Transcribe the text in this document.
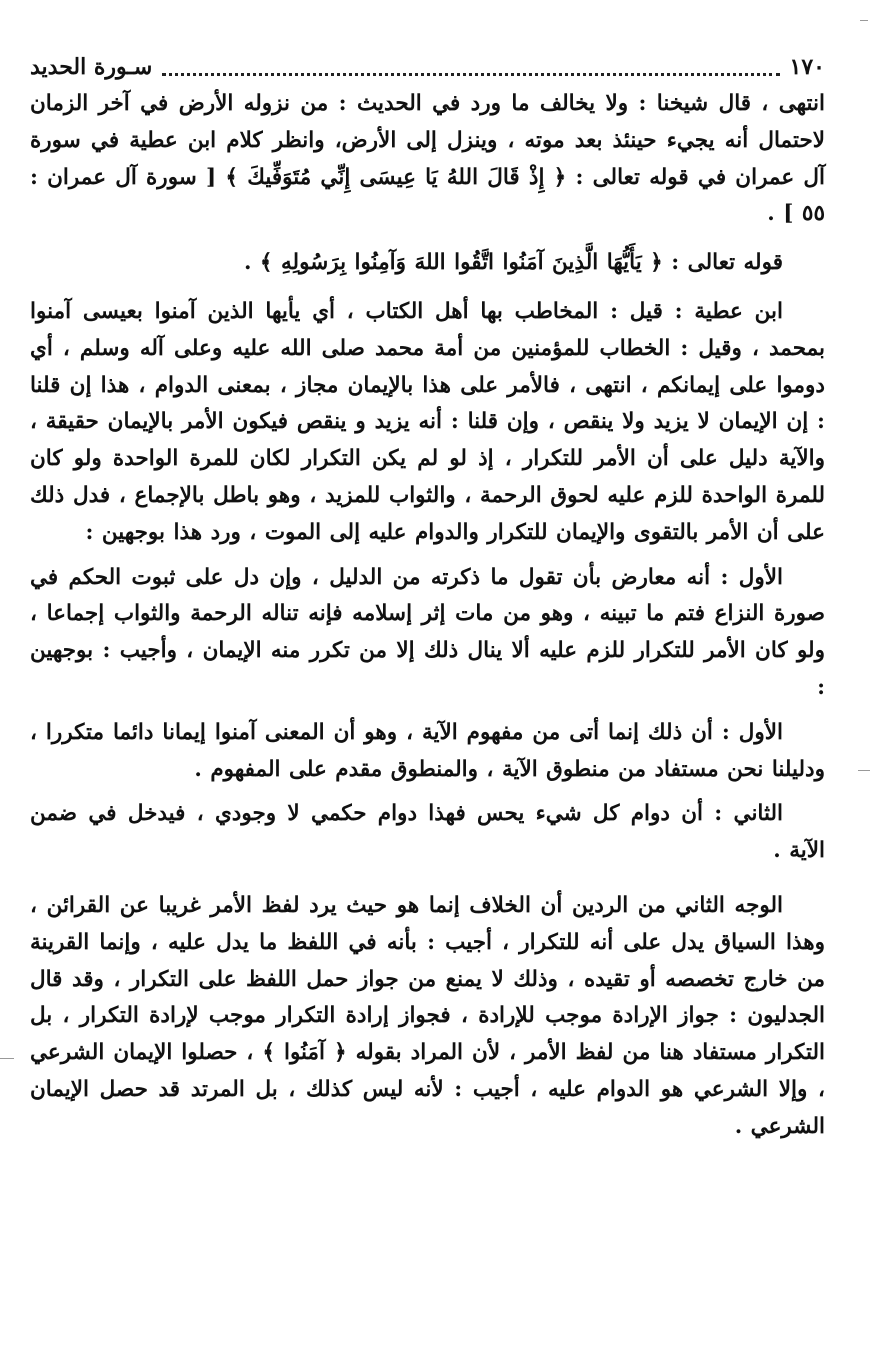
١٧٠
سـورة الحديد

انتهى ، قال شيخنا : ولا يخالف ما ورد في الحديث : من نزوله الأرض في آخر الزمان لاحتمال أنه يجيء حينئذ بعد موته ، وينزل إلى الأرض، وانظر كلام ابن عطية في سورة آل عمران في قوله تعالى : ﴿ إِذْ قَالَ اللهُ يَا عِيسَى إِنِّي مُتَوَفِّيكَ ﴾ [ سورة آل عمران : ٥٥ ] .

قوله تعالى : ﴿ يَأَيُّهَا الَّذِينَ آمَنُوا اتَّقُوا اللهَ وَآمِنُوا بِرَسُولِهِ ﴾ .

ابن عطية : قيل : المخاطب بها أهل الكتاب ، أي يأيها الذين آمنوا بعيسى آمنوا بمحمد ، وقيل : الخطاب للمؤمنين من أمة محمد صلى الله عليه وعلى آله وسلم ، أي دوموا على إيمانكم ، انتهى ، فالأمر على هذا بالإيمان مجاز ، بمعنى الدوام ، هذا إن قلنا : إن الإيمان لا يزيد ولا ينقص ، وإن قلنا : أنه يزيد و ينقص فيكون الأمر بالإيمان حقيقة ، والآية دليل على أن الأمر للتكرار ، إذ لو لم يكن التكرار لكان للمرة الواحدة ولو كان للمرة الواحدة للزم عليه لحوق الرحمة ، والثواب للمزيد ، وهو باطل بالإجماع ، فدل ذلك على أن الأمر بالتقوى والإيمان للتكرار والدوام عليه إلى الموت ، ورد هذا بوجهين :

الأول : أنه معارض بأن تقول ما ذكرته من الدليل ، وإن دل على ثبوت الحكم في صورة النزاع فتم ما تبينه ، وهو من مات إثر إسلامه فإنه تناله الرحمة والثواب إجماعا ، ولو كان الأمر للتكرار للزم عليه ألا ينال ذلك إلا من تكرر منه الإيمان ، وأجيب : بوجهين :

الأول : أن ذلك إنما أتى من مفهوم الآية ، وهو أن المعنى آمنوا إيمانا دائما متكررا ، ودليلنا نحن مستفاد من منطوق الآية ، والمنطوق مقدم على المفهوم .

الثاني : أن دوام كل شيء يحس فهذا دوام حكمي لا وجودي ، فيدخل في ضمن الآية .

الوجه الثاني من الردين أن الخلاف إنما هو حيث يرد لفظ الأمر غريبا عن القرائن ، وهذا السياق يدل على أنه للتكرار ، أجيب : بأنه في اللفظ ما يدل عليه ، وإنما القرينة من خارج تخصصه أو تقيده ، وذلك لا يمنع من جواز حمل اللفظ على التكرار ، وقد قال الجدليون : جواز الإرادة موجب للإرادة ، فجواز إرادة التكرار موجب لإرادة التكرار ، بل التكرار مستفاد هنا من لفظ الأمر ، لأن المراد بقوله ﴿ آمَنُوا ﴾ ، حصلوا الإيمان الشرعي ، وإلا الشرعي هو الدوام عليه ، أجيب : لأنه ليس كذلك ، بل المرتد قد حصل الإيمان الشرعي .
